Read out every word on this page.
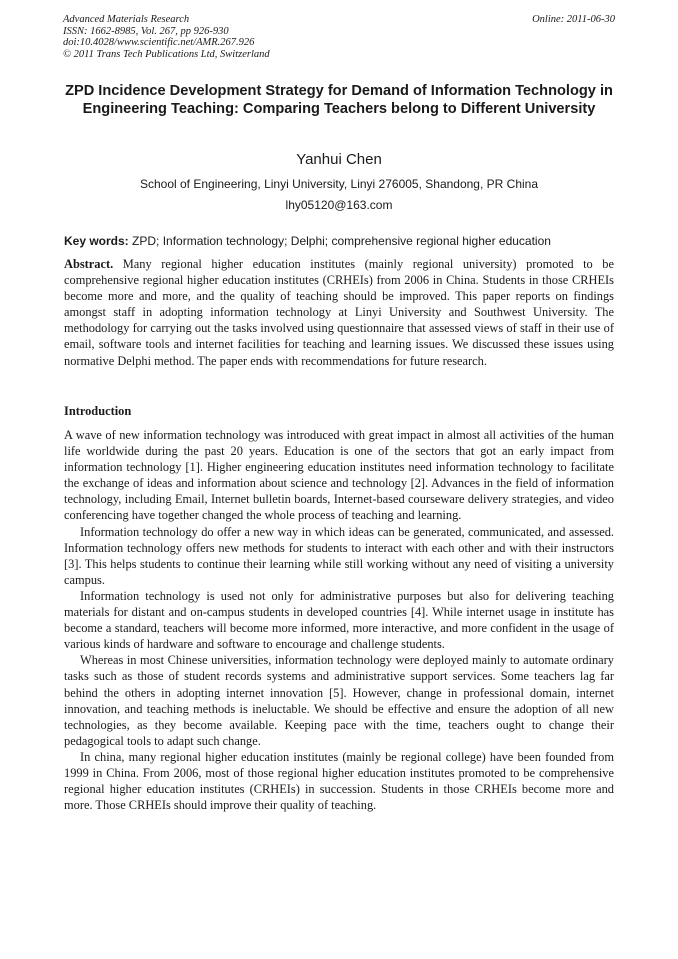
Advanced Materials Research
ISSN: 1662-8985, Vol. 267, pp 926-930
doi:10.4028/www.scientific.net/AMR.267.926
© 2011 Trans Tech Publications Ltd, Switzerland
Online: 2011-06-30
ZPD Incidence Development Strategy for Demand of Information Technology in Engineering Teaching: Comparing Teachers belong to Different University
Yanhui Chen
School of Engineering, Linyi University, Linyi 276005, Shandong, PR China
lhy05120@163.com
Key words: ZPD; Information technology; Delphi; comprehensive regional higher education

Abstract. Many regional higher education institutes (mainly regional university) promoted to be comprehensive regional higher education institutes (CRHEIs) from 2006 in China. Students in those CRHEIs become more and more, and the quality of teaching should be improved. This paper reports on findings amongst staff in adopting information technology at Linyi University and Southwest University. The methodology for carrying out the tasks involved using questionnaire that assessed views of staff in their use of email, software tools and internet facilities for teaching and learning issues. We discussed these issues using normative Delphi method. The paper ends with recommendations for future research.

Introduction

A wave of new information technology was introduced with great impact in almost all activities of the human life worldwide during the past 20 years. Education is one of the sectors that got an early impact from information technology [1]. Higher engineering education institutes need information technology to facilitate the exchange of ideas and information about science and technology [2]. Advances in the field of information technology, including Email, Internet bulletin boards, Internet-based courseware delivery strategies, and video conferencing have together changed the whole process of teaching and learning.

Information technology do offer a new way in which ideas can be generated, communicated, and assessed. Information technology offers new methods for students to interact with each other and with their instructors [3]. This helps students to continue their learning while still working without any need of visiting a university campus.

Information technology is used not only for administrative purposes but also for delivering teaching materials for distant and on-campus students in developed countries [4]. While internet usage in institute has become a standard, teachers will become more informed, more interactive, and more confident in the usage of various kinds of hardware and software to encourage and challenge students.

Whereas in most Chinese universities, information technology were deployed mainly to automate ordinary tasks such as those of student records systems and administrative support services. Some teachers lag far behind the others in adopting internet innovation [5]. However, change in professional domain, internet innovation, and teaching methods is ineluctable. We should be effective and ensure the adoption of all new technologies, as they become available. Keeping pace with the time, teachers ought to change their pedagogical tools to adapt such change.

In china, many regional higher education institutes (mainly be regional college) have been founded from 1999 in China. From 2006, most of those regional higher education institutes promoted to be comprehensive regional higher education institutes (CRHEIs) in succession. Students in those CRHEIs become more and more. Those CRHEIs should improve their quality of teaching.
